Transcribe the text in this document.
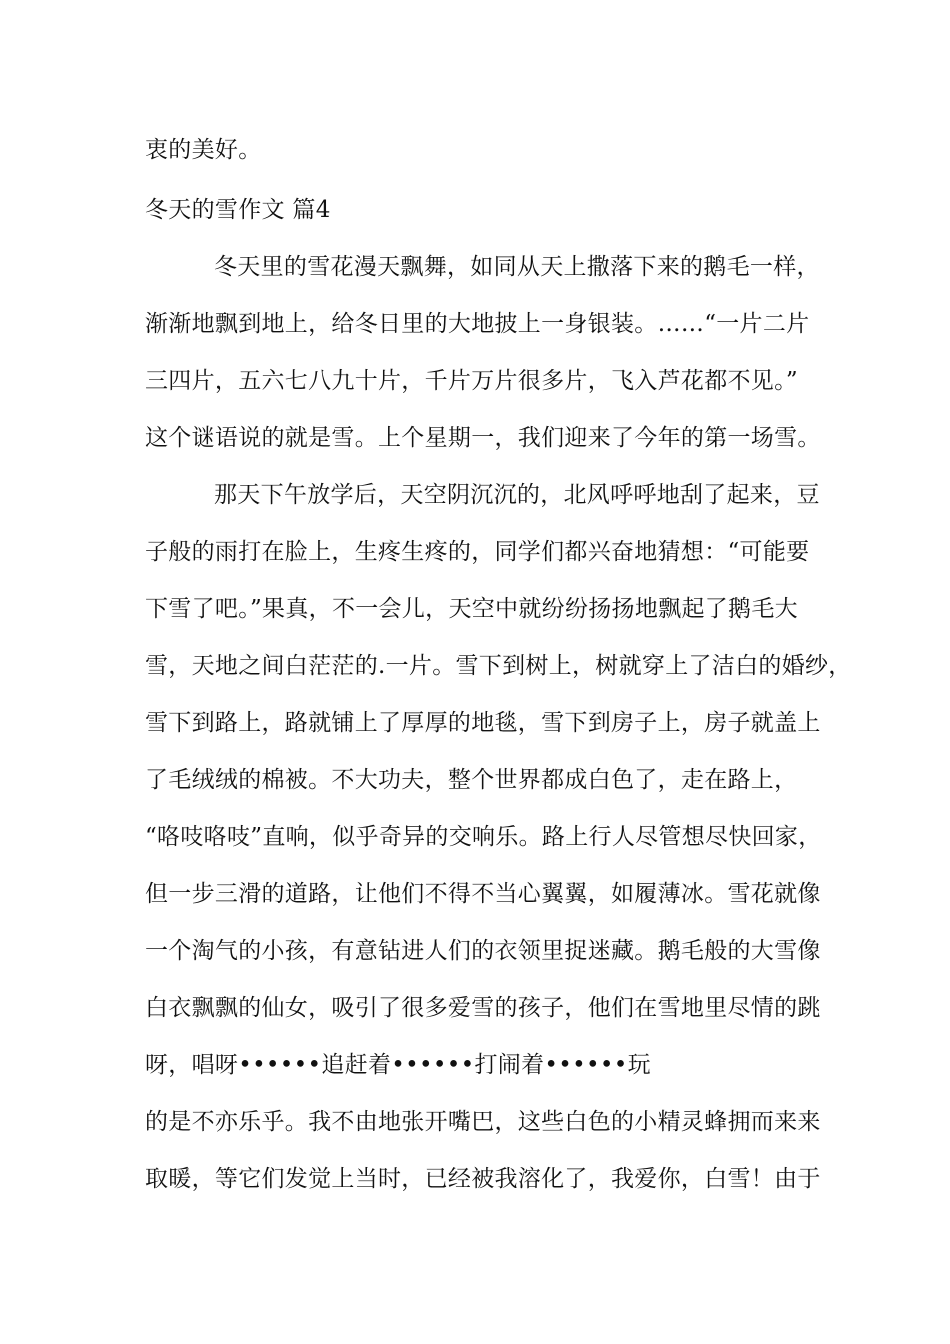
衷的美好。
冬天的雪作文 篇4
冬天里的雪花漫天飘舞，如同从天上撒落下来的鹅毛一样，
渐渐地飘到地上，给冬日里的大地披上一身银装。……“一片二片
三四片，五六七八九十片，千片万片很多片，飞入芦花都不见。”
这个谜语说的就是雪。上个星期一，我们迎来了今年的第一场雪。
那天下午放学后，天空阴沉沉的，北风呼呼地刮了起来，豆
子般的雨打在脸上，生疼生疼的，同学们都兴奋地猜想：“可能要
下雪了吧。”果真，不一会儿，天空中就纷纷扬扬地飘起了鹅毛大
雪，天地之间白茫茫的.一片。雪下到树上，树就穿上了洁白的婚纱，
雪下到路上，路就铺上了厚厚的地毯，雪下到房子上，房子就盖上
了毛绒绒的棉被。不大功夫，整个世界都成白色了，走在路上，
“咯吱咯吱”直响，似乎奇异的交响乐。路上行人尽管想尽快回家，
但一步三滑的道路，让他们不得不当心翼翼，如履薄冰。雪花就像
一个淘气的小孩，有意钻进人们的衣领里捉迷藏。鹅毛般的大雪像
白衣飘飘的仙女，吸引了很多爱雪的孩子，他们在雪地里尽情的跳
呀，唱呀••••••追赶着••••••打闹着••••••玩
的是不亦乐乎。我不由地张开嘴巴，这些白色的小精灵蜂拥而来来
取暖，等它们发觉上当时，已经被我溶化了，我爱你，白雪！由于
